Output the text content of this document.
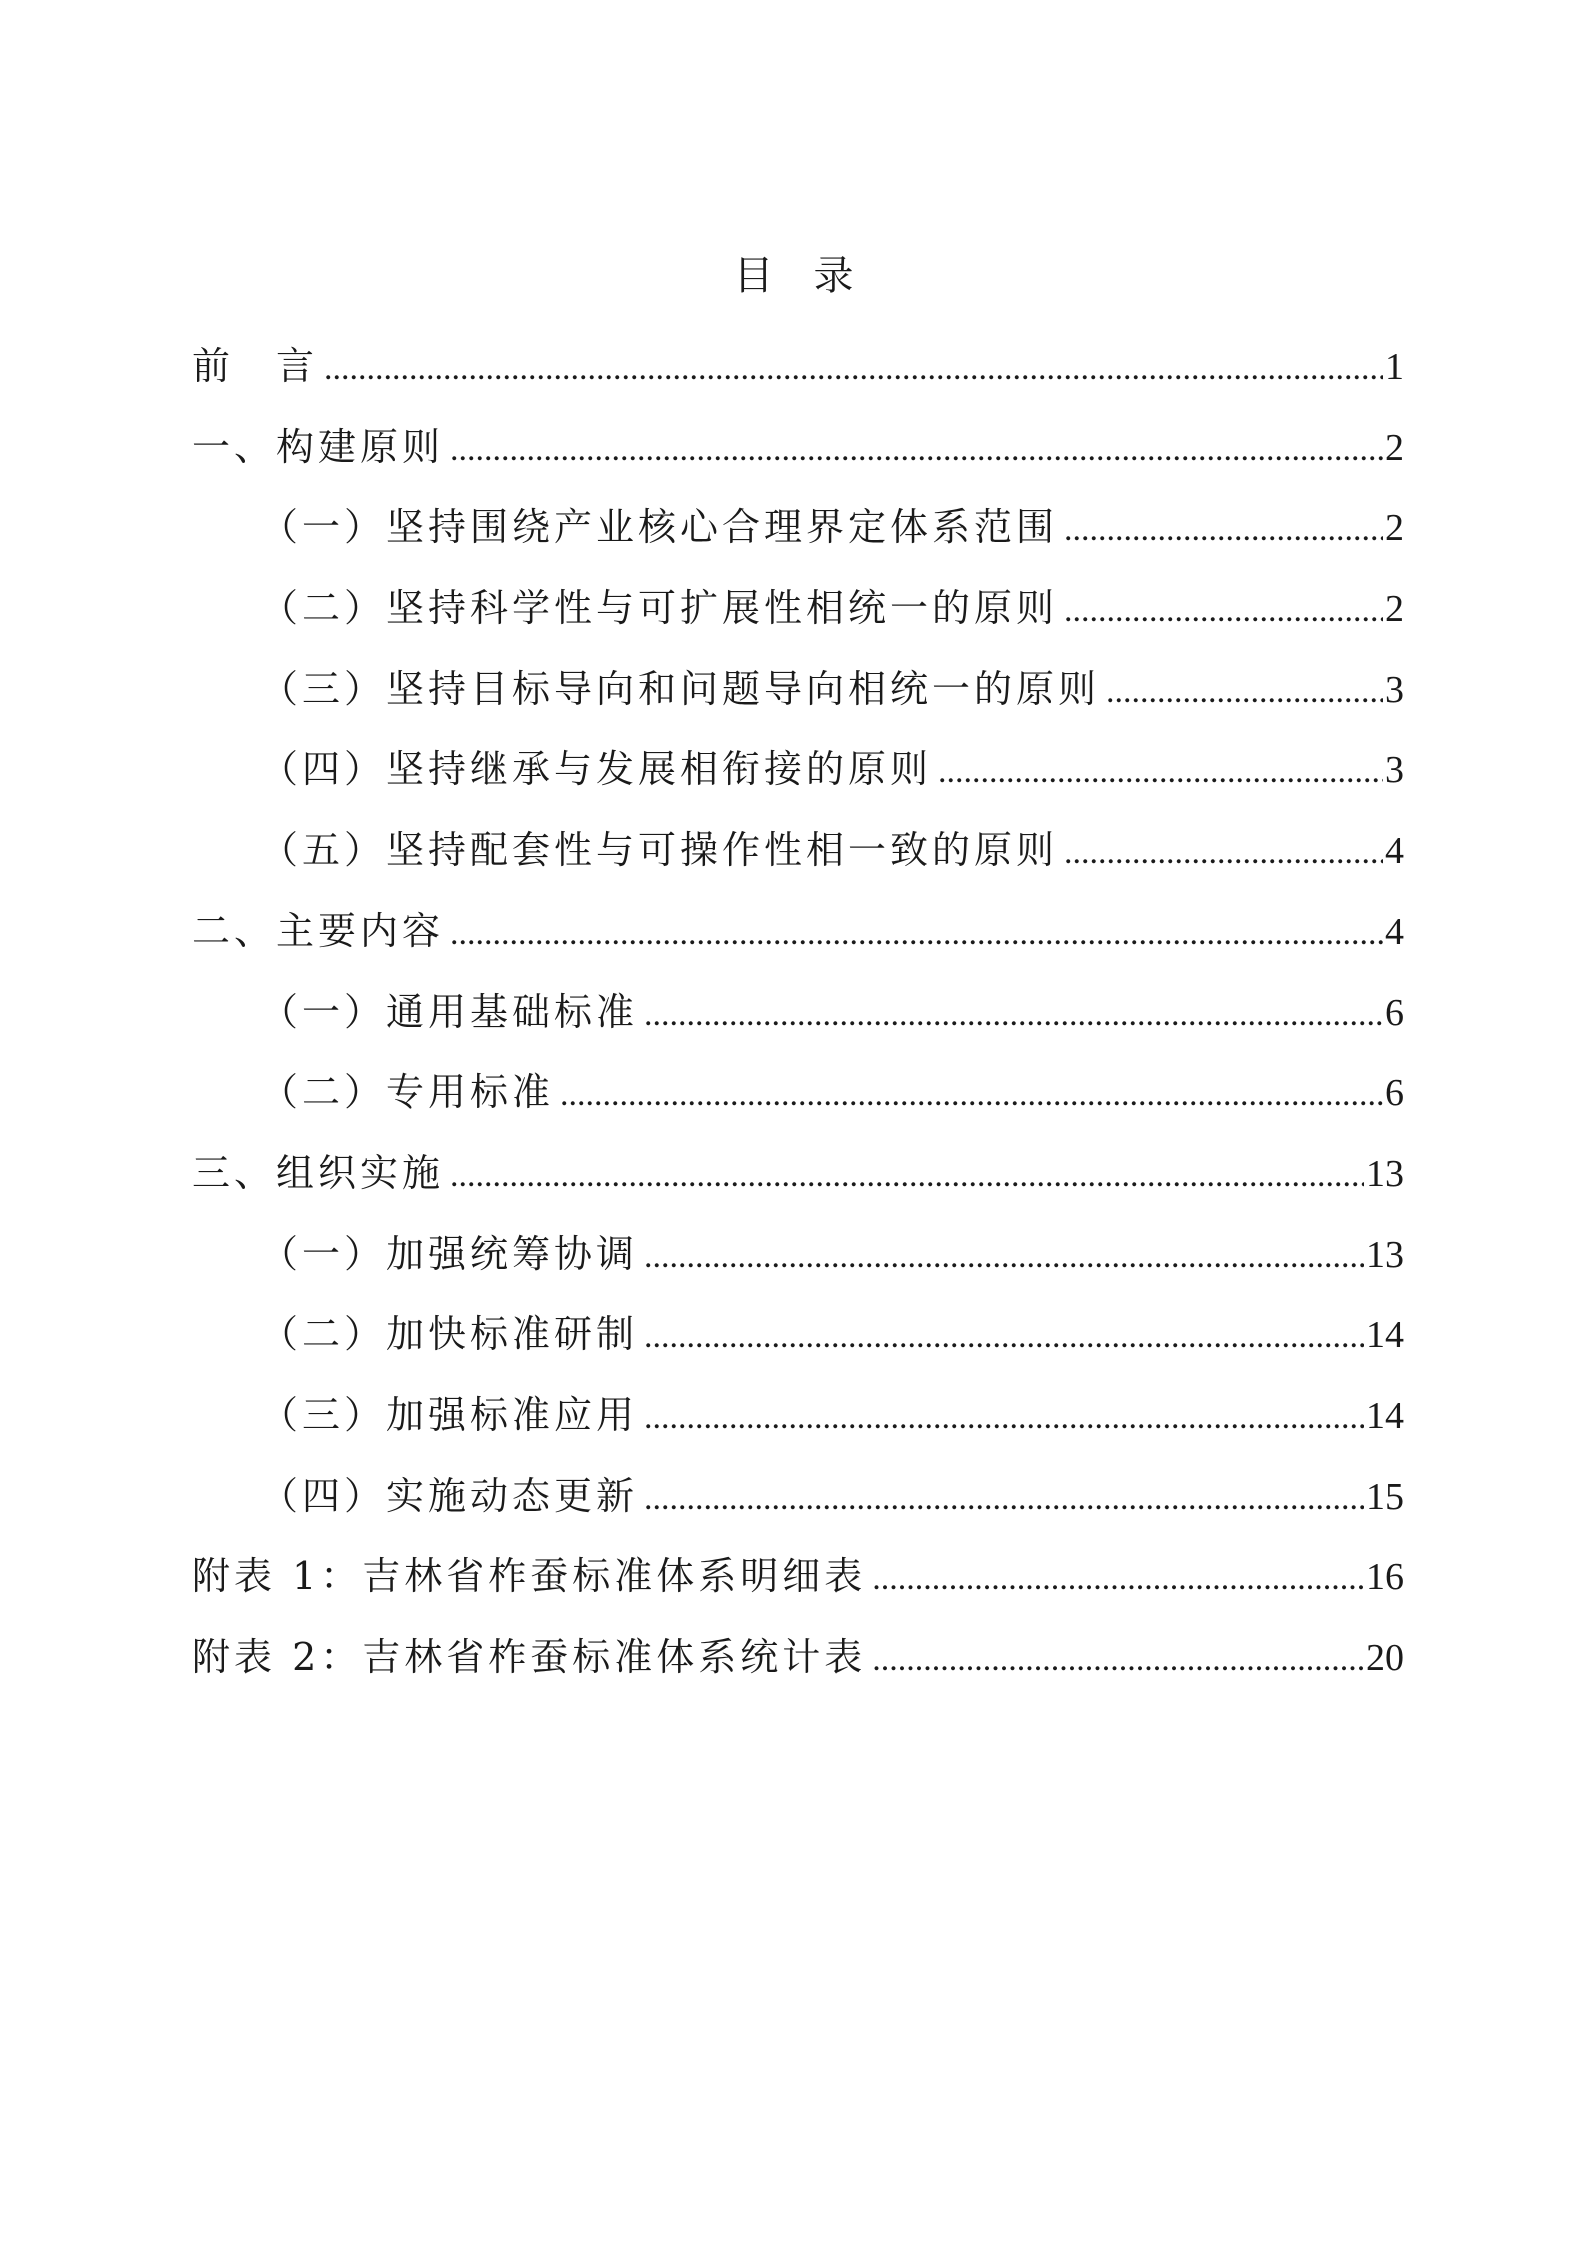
目　录
前　言 .....	1
一、构建原则 .....	2
（一）坚持围绕产业核心合理界定体系范围 .....	2
（二）坚持科学性与可扩展性相统一的原则 .....	2
（三）坚持目标导向和问题导向相统一的原则 .....	3
（四）坚持继承与发展相衔接的原则 .....	3
（五）坚持配套性与可操作性相一致的原则 .....	4
二、主要内容 .....	4
（一）通用基础标准 .....	6
（二）专用标准 .....	6
三、组织实施 .....	13
（一）加强统筹协调 .....	13
（二）加快标准研制 .....	14
（三）加强标准应用 .....	14
（四）实施动态更新 .....	15
附表 1：吉林省柞蚕标准体系明细表 .....	16
附表 2：吉林省柞蚕标准体系统计表 .....	20
